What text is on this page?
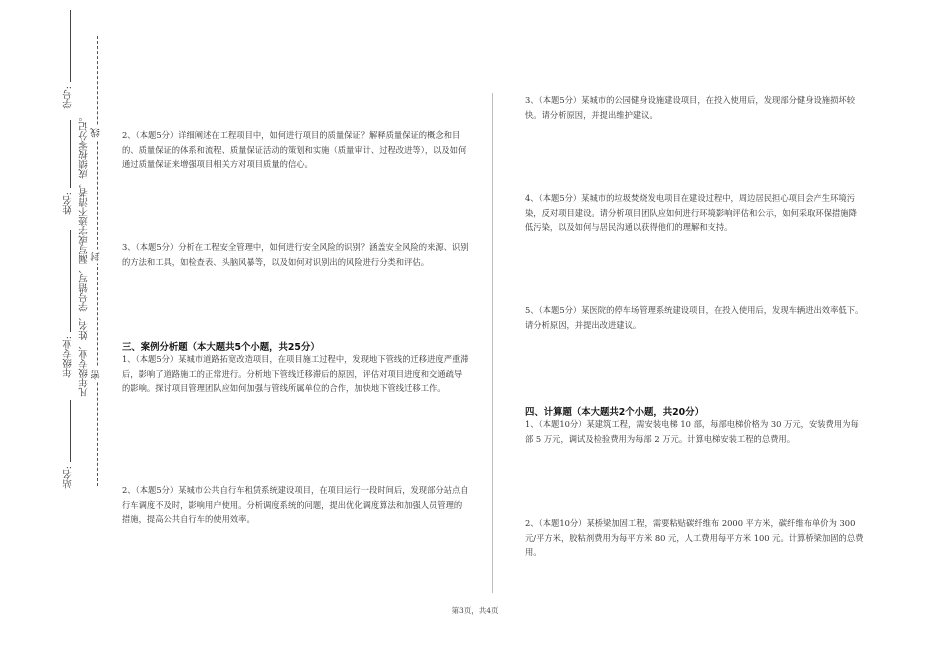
学号:
姓名:
年级专业:
站名:
凡年级专业、姓名、学号错写、漏写或字迹不清者，成绩按零分记。 线
封
密

2、（本题5分）详细阐述在工程项目中，如何进行项目的质量保证？解释质量保证的概念和目的、质量保证的体系和流程、质量保证活动的策划和实施（质量审计、过程改进等），以及如何通过质量保证来增强项目相关方对项目质量的信心。

3、（本题5分）分析在工程安全管理中，如何进行安全风险的识别？涵盖安全风险的来源、识别的方法和工具，如检查表、头脑风暴等，以及如何对识别出的风险进行分类和评估。

三、案例分析题（本大题共5个小题，共25分）

1、（本题5分）某城市道路拓宽改造项目，在项目施工过程中，发现地下管线的迁移进度严重滞后，影响了道路施工的正常进行。分析地下管线迁移滞后的原因，评估对项目进度和交通疏导的影响。探讨项目管理团队应如何加强与管线所属单位的合作，加快地下管线迁移工作。

2、（本题5分）某城市公共自行车租赁系统建设项目，在项目运行一段时间后，发现部分站点自行车调度不及时，影响用户使用。分析调度系统的问题，提出优化调度算法和加强人员管理的措施，提高公共自行车的使用效率。

3、（本题5分）某城市的公园健身设施建设项目，在投入使用后，发现部分健身设施损坏较快。请分析原因，并提出维护建议。

4、（本题5分）某城市的垃圾焚烧发电项目在建设过程中，周边居民担心项目会产生环境污染，反对项目建设。请分析项目团队应如何进行环境影响评估和公示，如何采取环保措施降低污染，以及如何与居民沟通以获得他们的理解和支持。

5、（本题5分）某医院的停车场管理系统建设项目，在投入使用后，发现车辆进出效率低下。请分析原因，并提出改进建议。

四、计算题（本大题共2个小题，共20分）

1、（本题10分）某建筑工程，需安装电梯 10 部，每部电梯价格为 30 万元，安装费用为每部 5 万元，调试及检验费用为每部 2 万元。计算电梯安装工程的总费用。

2、（本题10分）某桥梁加固工程，需要粘贴碳纤维布 2000 平方米，碳纤维布单价为 300 元/平方米，胶粘剂费用为每平方米 80 元，人工费用每平方米 100 元。计算桥梁加固的总费用。

第3页，共4页
